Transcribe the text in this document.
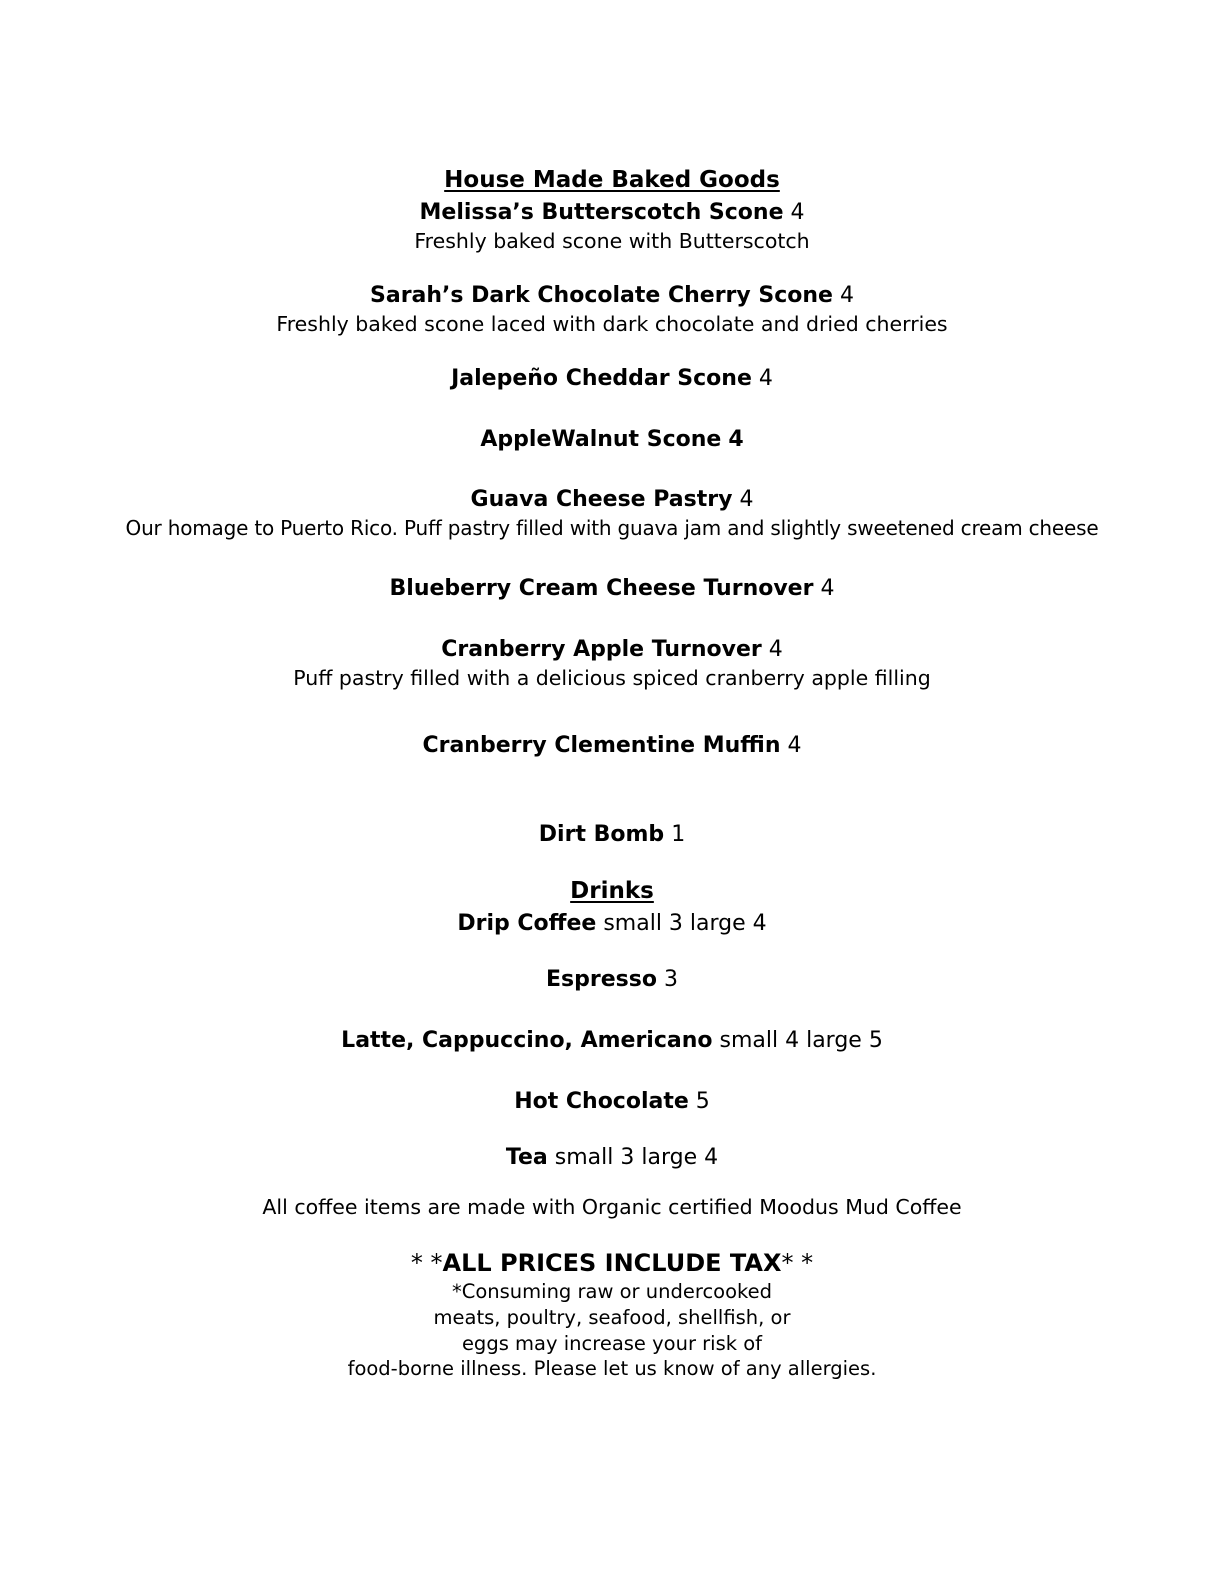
House Made Baked Goods
Melissa’s Butterscotch Scone 4
Freshly baked scone with Butterscotch
Sarah’s Dark Chocolate Cherry Scone 4
Freshly baked scone laced with dark chocolate and dried cherries
Jalepeño Cheddar Scone 4
AppleWalnut Scone 4
Guava Cheese Pastry 4
Our homage to Puerto Rico. Puff pastry filled with guava jam and slightly sweetened cream cheese
Blueberry Cream Cheese Turnover 4
Cranberry Apple Turnover 4
Puff pastry filled with a delicious spiced cranberry apple filling
Cranberry Clementine Muffin 4
Dirt Bomb 1
Drinks
Drip Coffee small 3 large 4
Espresso 3
Latte, Cappuccino, Americano small 4 large 5
Hot Chocolate 5
Tea small 3 large 4
All coffee items are made with Organic certified Moodus Mud Coffee
* *ALL PRICES INCLUDE TAX* *
*Consuming raw or undercooked
meats, poultry, seafood, shellfish, or
eggs may increase your risk of
food-borne illness. Please let us know of any allergies.
